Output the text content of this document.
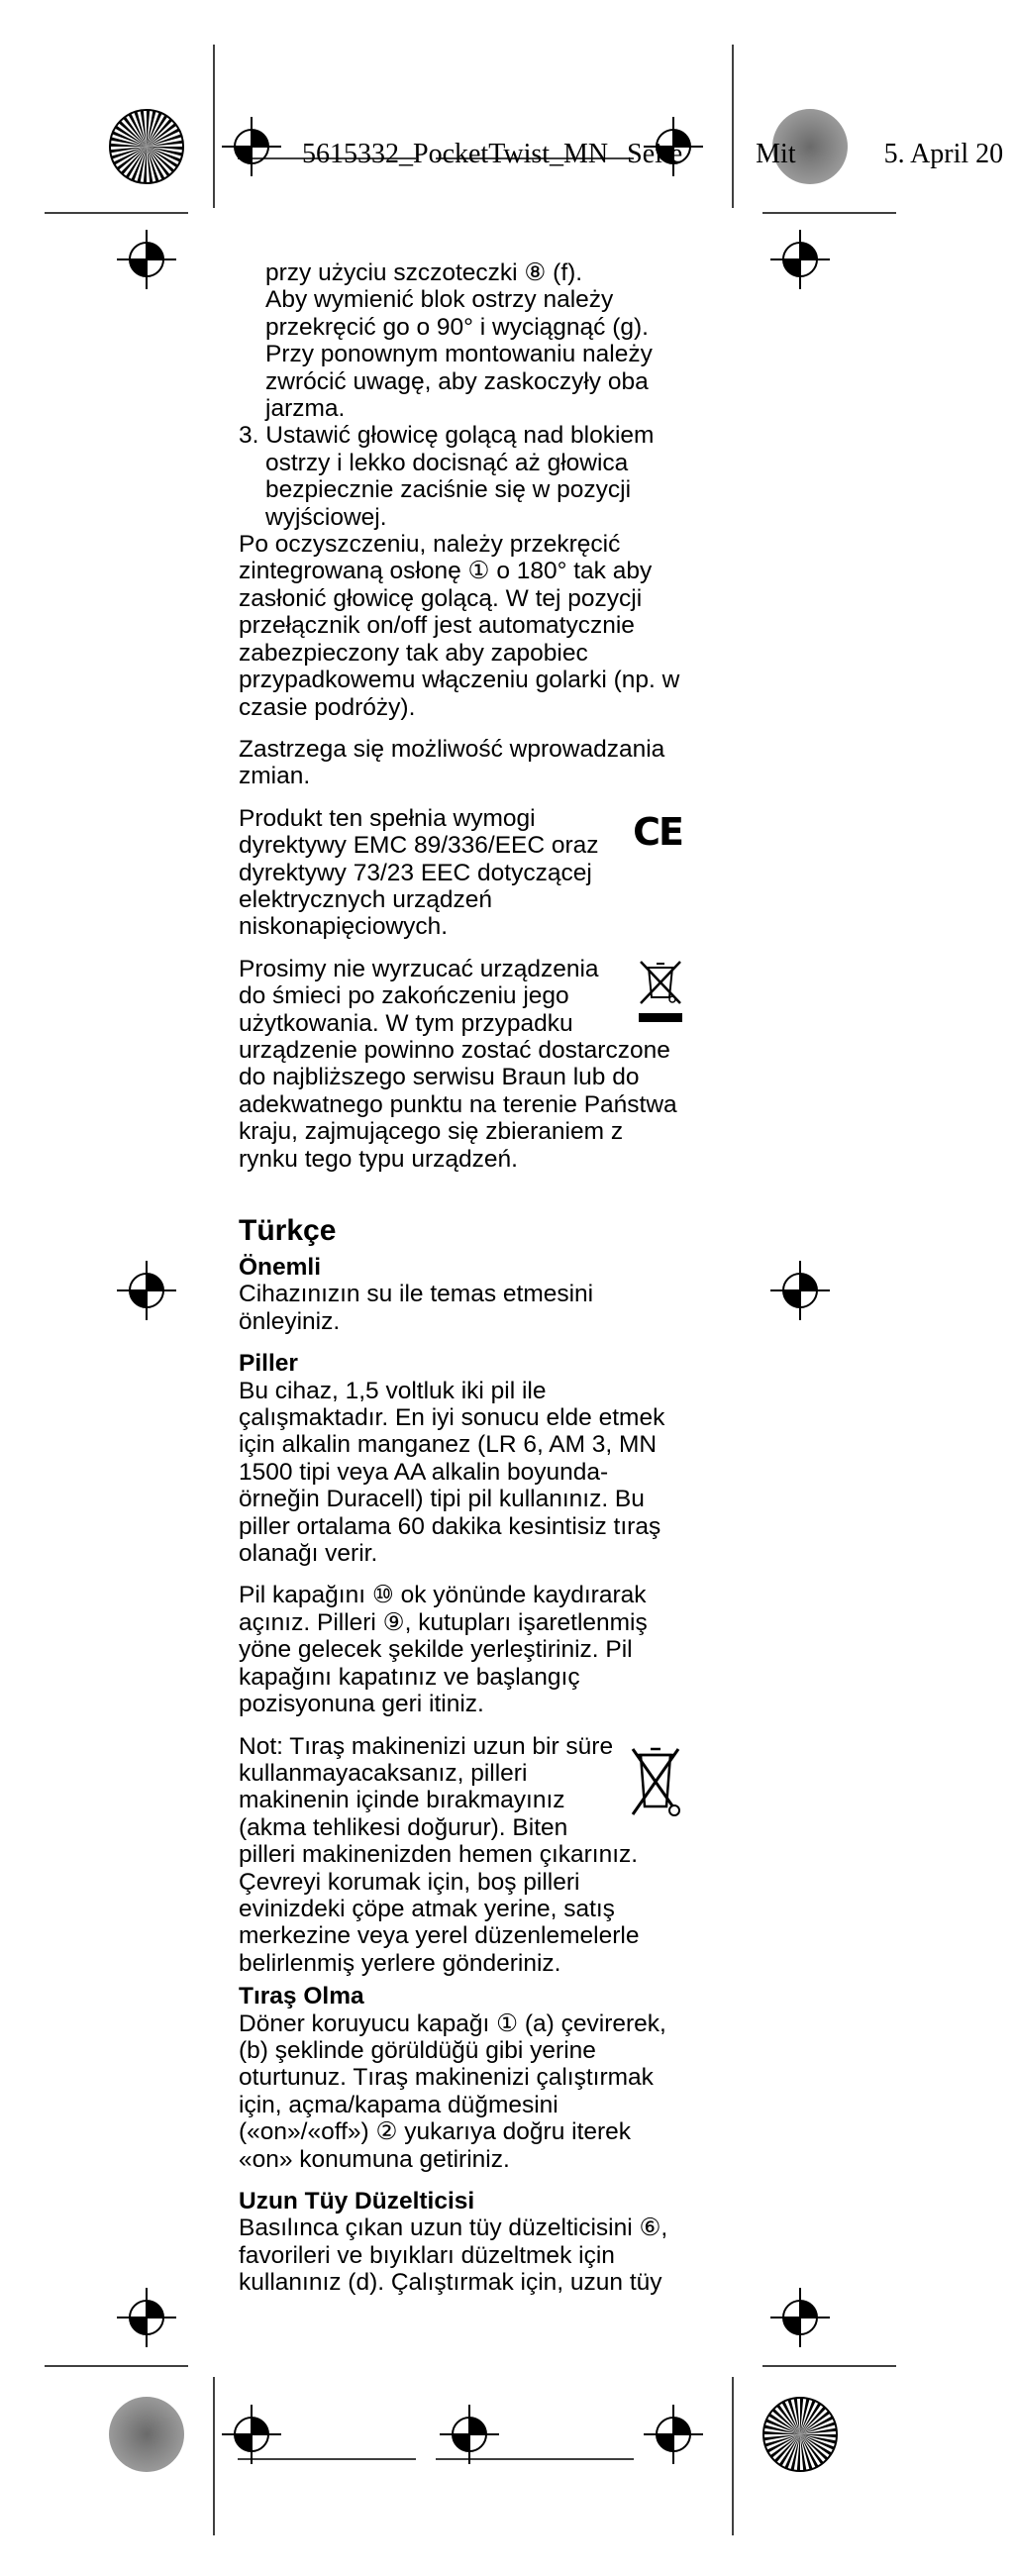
5615332_PocketTwist_MN Seite	Mit	5. April 20

przy użyciu szczoteczki ⑧ (f).

Aby wymienić blok ostrzy należy przekręcić go o 90° i wyciągnąć (g). Przy ponownym montowaniu należy zwrócić uwagę, aby zaskoczyły oba jarzma.

3. Ustawić głowicę golącą nad blokiem ostrzy i lekko docisnąć aż głowica bezpiecznie zaciśnie się w pozycji wyjściowej.

Po oczyszczeniu, należy przekręcić zintegrowaną osłonę ① o 180° tak aby zasłonić głowicę golącą. W tej pozycji przełącznik on/off jest automatycznie zabezpieczony tak aby zapobiec przypadkowemu włączeniu golarki (np. w czasie podróży).

Zastrzega się możliwość wprowadzania zmian.

CE

Produkt ten spełnia wymogi dyrektywy EMC 89/336/EEC oraz dyrektywy 73/23 EEC dotyczącej elektrycznych urządzeń niskonapięciowych.

Prosimy nie wyrzucać urządzenia do śmieci po zakończeniu jego użytkowania. W tym przypadku urządzenie powinno zostać dostarczone do najbliższego serwisu Braun lub do adekwatnego punktu na terenie Państwa kraju, zajmującego się zbieraniem z rynku tego typu urządzeń.

Türkçe

Önemli

Cihazınızın su ile temas etmesini önleyiniz.

Piller

Bu cihaz, 1,5 voltluk iki pil ile çalışmaktadır. En iyi sonucu elde etmek için alkalin manganez (LR 6, AM 3, MN 1500 tipi veya AA alkalin boyunda-örneğin Duracell) tipi pil kullanınız. Bu piller ortalama 60 dakika kesintisiz tıraş olanağı verir.

Pil kapağını ⑩ ok yönünde kaydırarak açınız. Pilleri ⑨, kutupları işaretlenmiş yöne gelecek şekilde yerleştiriniz. Pil kapağını kapatınız ve başlangıç pozisyonuna geri itiniz.

Not: Tıraş makinenizi uzun bir süre kullanmayacaksanız, pilleri makinenin içinde bırakmayınız (akma tehlikesi doğurur). Biten pilleri makinenizden hemen çıkarınız. Çevreyi korumak için, boş pilleri evinizdeki çöpe atmak yerine, satış merkezine veya yerel düzenlemelerle belirlenmiş yerlere gönderiniz.

Tıraş Olma

Döner koruyucu kapağı ① (a) çevirerek, (b) şeklinde görüldüğü gibi yerine oturtunuz. Tıraş makinenizi çalıştırmak için, açma/kapama düğmesini («on»/«off») ② yukarıya doğru iterek «on» konumuna getiriniz.

Uzun Tüy Düzelticisi

Basılınca çıkan uzun tüy düzelticisini ⑥, favorileri ve bıyıkları düzeltmek için kullanınız (d). Çalıştırmak için, uzun tüy
